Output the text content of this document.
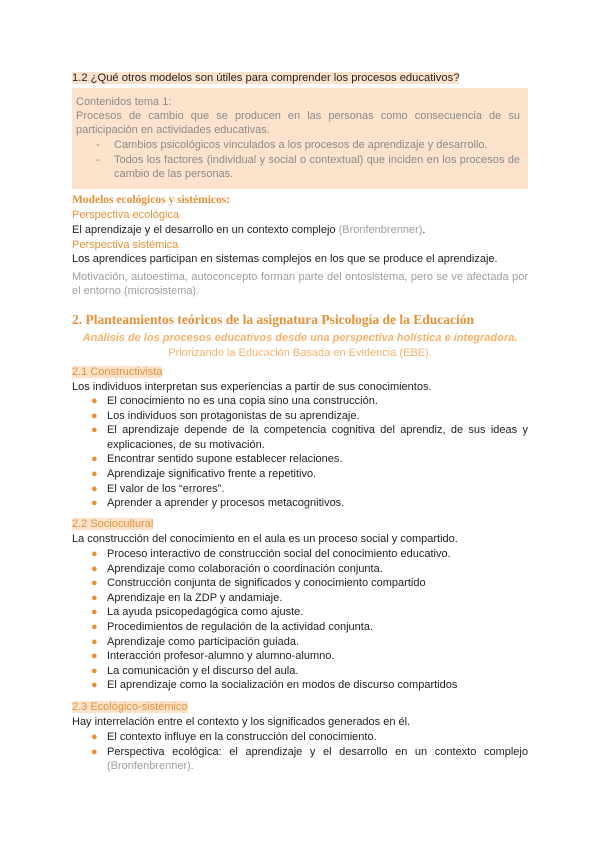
1.2 ¿Qué otros modelos son útiles para comprender los procesos educativos?
Contenidos tema 1:
Procesos de cambio que se producen en las personas como consecuencia de su participación en actividades educativas.
- Cambios psicológicos vinculados a los procesos de aprendizaje y desarrollo.
- Todos los factores (individual y social o contextual) que inciden en los procesos de cambio de las personas.
Modelos ecológicos y sistémicos:
Perspectiva ecológica
El aprendizaje y el desarrollo en un contexto complejo (Bronfenbrenner).
Perspectiva sistémica
Los aprendices participan en sistemas complejos en los que se produce el aprendizaje.
Motivación, autoestima, autoconcepto forman parte del ontosistema, pero se ve afectada por el entorno (microsistema).
2. Planteamientos teóricos de la asignatura Psicología de la Educación
Análisis de los procesos educativos desde una perspectiva holística e integradora.
Priorizando la Educación Basada en Evidencia (EBE).
2.1 Constructivista
Los individuos interpretan sus experiencias a partir de sus conocimientos.
● El conocimiento no es una copia sino una construcción.
● Los individuos son protagonistas de su aprendizaje.
● El aprendizaje depende de la competencia cognitiva del aprendiz, de sus ideas y explicaciones, de su motivación.
● Encontrar sentido supone establecer relaciones.
● Aprendizaje significativo frente a repetitivo.
● El valor de los “errores”.
● Aprender a aprender y procesos metacognitivos.
2.2 Sociocultural
La construcción del conocimiento en el aula es un proceso social y compartido.
● Proceso interactivo de construcción social del conocimiento educativo.
● Aprendizaje como colaboración o coordinación conjunta.
● Construcción conjunta de significados y conocimiento compartido
● Aprendizaje en la ZDP y andamiaje.
● La ayuda psicopedagógica como ajuste.
● Procedimientos de regulación de la actividad conjunta.
● Aprendizaje como participación guiada.
● Interacción profesor-alumno y alumno-alumno.
● La comunicación y el discurso del aula.
● El aprendizaje como la socialización en modos de discurso compartidos
2.3 Ecológico-sistémico
Hay interrelación entre el contexto y los significados generados en él.
● El contexto influye en la construcción del conocimiento.
● Perspectiva ecológica: el aprendizaje y el desarrollo en un contexto complejo (Bronfenbrenner).
